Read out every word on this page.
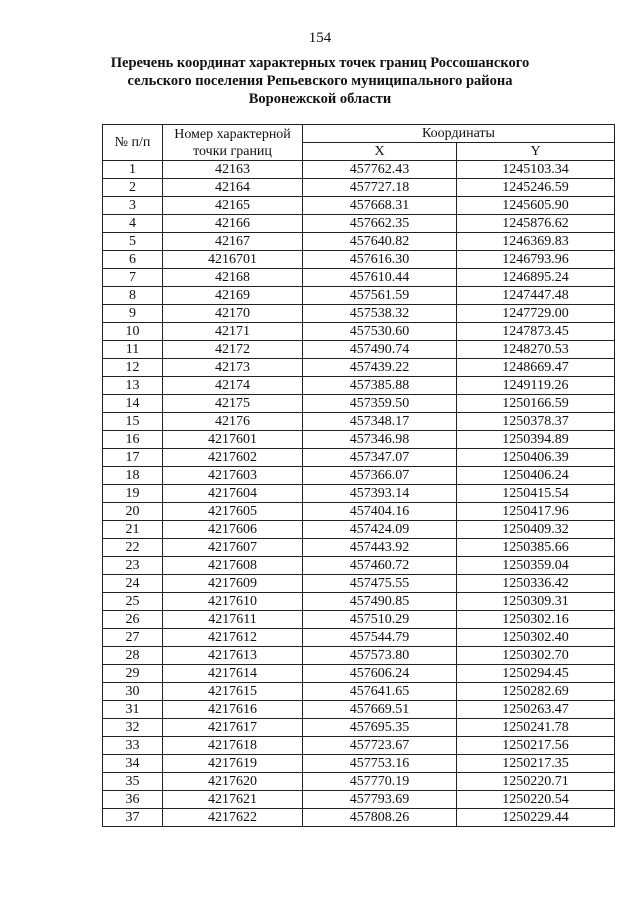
154
Перечень координат характерных точек границ Россошанского
сельского поселения Репьевского муниципального района
Воронежской области
№ п/п	Номер характерной точки границ	Координаты	
		X	Y
1	42163	457762.43	1245103.34
2	42164	457727.18	1245246.59
3	42165	457668.31	1245605.90
4	42166	457662.35	1245876.62
5	42167	457640.82	1246369.83
6	4216701	457616.30	1246793.96
7	42168	457610.44	1246895.24
8	42169	457561.59	1247447.48
9	42170	457538.32	1247729.00
10	42171	457530.60	1247873.45
11	42172	457490.74	1248270.53
12	42173	457439.22	1248669.47
13	42174	457385.88	1249119.26
14	42175	457359.50	1250166.59
15	42176	457348.17	1250378.37
16	4217601	457346.98	1250394.89
17	4217602	457347.07	1250406.39
18	4217603	457366.07	1250406.24
19	4217604	457393.14	1250415.54
20	4217605	457404.16	1250417.96
21	4217606	457424.09	1250409.32
22	4217607	457443.92	1250385.66
23	4217608	457460.72	1250359.04
24	4217609	457475.55	1250336.42
25	4217610	457490.85	1250309.31
26	4217611	457510.29	1250302.16
27	4217612	457544.79	1250302.40
28	4217613	457573.80	1250302.70
29	4217614	457606.24	1250294.45
30	4217615	457641.65	1250282.69
31	4217616	457669.51	1250263.47
32	4217617	457695.35	1250241.78
33	4217618	457723.67	1250217.56
34	4217619	457753.16	1250217.35
35	4217620	457770.19	1250220.71
36	4217621	457793.69	1250220.54
37	4217622	457808.26	1250229.44
